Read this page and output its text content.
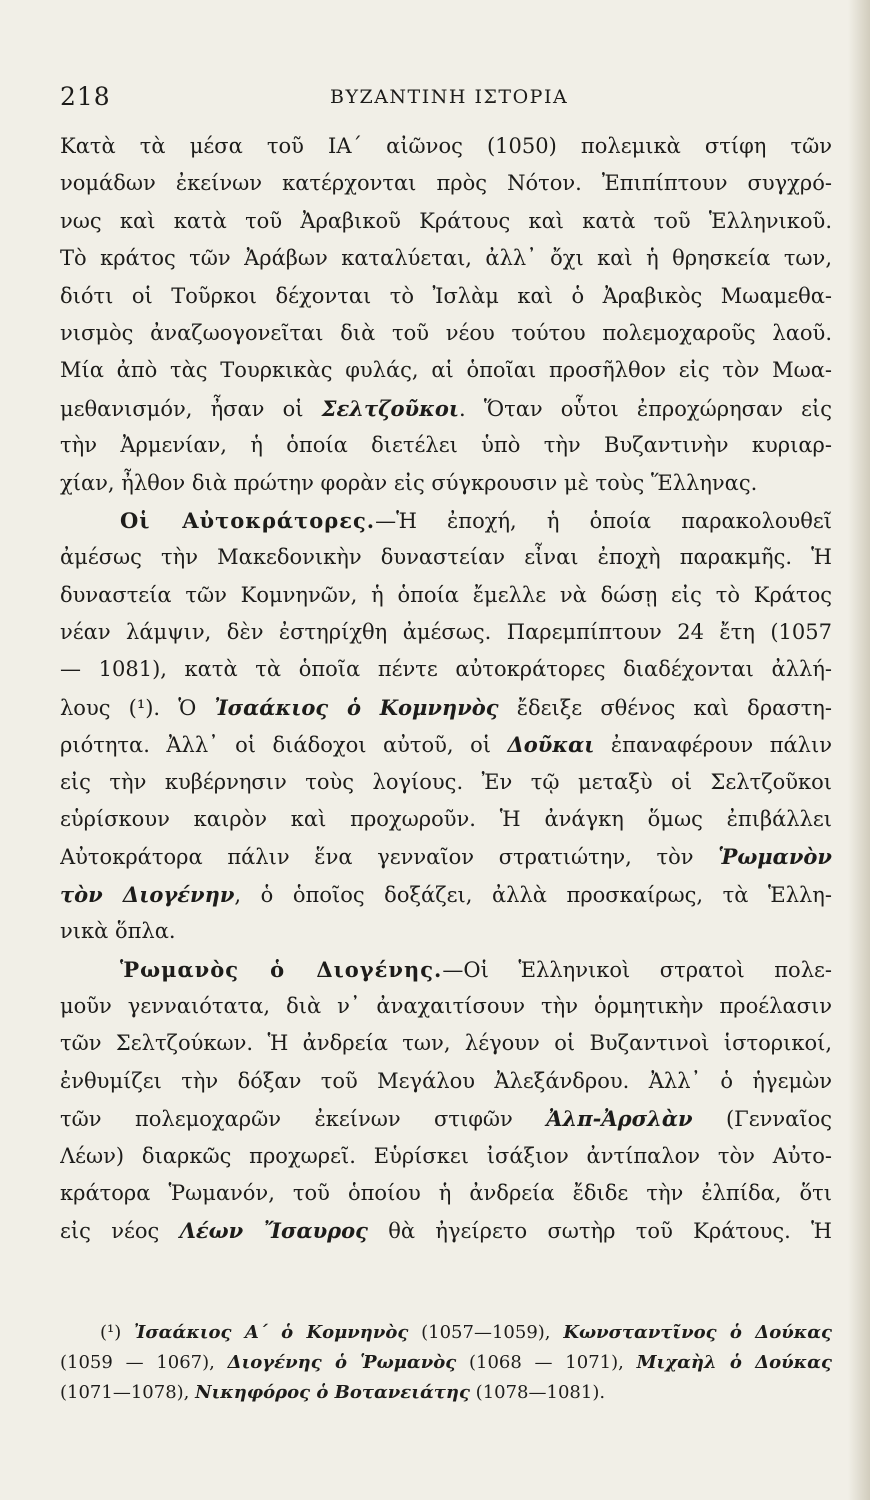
218	ΒΥΖΑΝΤΙΝΗ ΙΣΤΟΡΙΑ
Κατὰ τὰ μέσα τοῦ ΙΑ΄ αἰῶνος (1050) πολεμικὰ στίφη τῶν
νομάδων ἐκείνων κατέρχονται πρὸς Νότον. Ἐπιπίπτουν συγχρό-
νως καὶ κατὰ τοῦ Ἀραβικοῦ Κράτους καὶ κατὰ τοῦ Ἑλληνικοῦ.
Τὸ κράτος τῶν Ἀράβων καταλύεται, ἀλλ᾿ ὄχι καὶ ἡ θρησκεία των,
διότι οἱ Τοῦρκοι δέχονται τὸ Ἰσλὰμ καὶ ὁ Ἀραβικὸς Μωαμεθα-
νισμὸς ἀναζωογονεῖται διὰ τοῦ νέου τούτου πολεμοχαροῦς λαοῦ.
Μία ἀπὸ τὰς Τουρκικὰς φυλάς, αἱ ὁποῖαι προσῆλθον εἰς τὸν Μωα-
μεθανισμόν, ἦσαν οἱ Σελτζοῦκοι. Ὅταν οὗτοι ἐπροχώρησαν εἰς
τὴν Ἀρμενίαν, ἡ ὁποία διετέλει ὑπὸ τὴν Βυζαντινὴν κυριαρ-
χίαν, ἦλθον διὰ πρώτην φορὰν εἰς σύγκρουσιν μὲ τοὺς Ἕλληνας.
Οἱ Αὐτοκράτορες.—Ἡ ἐποχή, ἡ ὁποία παρακολουθεῖ
ἀμέσως τὴν Μακεδονικὴν δυναστείαν εἶναι ἐποχὴ παρακμῆς. Ἡ
δυναστεία τῶν Κομνηνῶν, ἡ ὁποία ἔμελλε νὰ δώσῃ εἰς τὸ Κράτος
νέαν λάμψιν, δὲν ἐστηρίχθη ἀμέσως. Παρεμπίπτουν 24 ἔτη (1057
— 1081), κατὰ τὰ ὁποῖα πέντε αὐτοκράτορες διαδέχονται ἀλλή-
λους (¹). Ὁ Ἰσαάκιος ὁ Κομνηνὸς ἔδειξε σθένος καὶ δραστη-
ριότητα. Ἀλλ᾿ οἱ διάδοχοι αὐτοῦ, οἱ Δοῦκαι ἐπαναφέρουν πάλιν
εἰς τὴν κυβέρνησιν τοὺς λογίους. Ἐν τῷ μεταξὺ οἱ Σελτζοῦκοι
εὑρίσκουν καιρὸν καὶ προχωροῦν. Ἡ ἀνάγκη ὅμως ἐπιβάλλει
Αὐτοκράτορα πάλιν ἕνα γενναῖον στρατιώτην, τὸν Ῥωμανὸν
τὸν Διογένην, ὁ ὁποῖος δοξάζει, ἀλλὰ προσκαίρως, τὰ Ἑλλη-
νικὰ ὅπλα.
Ῥωμανὸς ὁ Διογένης.—Οἱ Ἑλληνικοὶ στρατοὶ πολε-
μοῦν γενναιότατα, διὰ ν᾿ ἀναχαιτίσουν τὴν ὁρμητικὴν προέλασιν
τῶν Σελτζούκων. Ἡ ἀνδρεία των, λέγουν οἱ Βυζαντινοὶ ἱστορικοί,
ἐνθυμίζει τὴν δόξαν τοῦ Μεγάλου Ἀλεξάνδρου. Ἀλλ᾿ ὁ ἡγεμὼν
τῶν πολεμοχαρῶν ἐκείνων στιφῶν Ἀλπ-Ἀρσλὰν (Γενναῖος
Λέων) διαρκῶς προχωρεῖ. Εὑρίσκει ἰσάξιον ἀντίπαλον τὸν Αὐτο-
κράτορα Ῥωμανόν, τοῦ ὁποίου ἡ ἀνδρεία ἔδιδε τὴν ἐλπίδα, ὅτι
εἰς νέος Λέων Ἴσαυρος θὰ ἠγείρετο σωτὴρ τοῦ Κράτους. Ἡ
(¹) Ἰσαάκιος Α΄ ὁ Κομνηνὸς (1057—1059), Κωνσταντῖνος ὁ Δούκας
(1059 — 1067), Διογένης ὁ Ῥωμανὸς (1068 — 1071), Μιχαὴλ ὁ Δούκας
(1071—1078), Νικηφόρος ὁ Βοτανειάτης (1078—1081).
